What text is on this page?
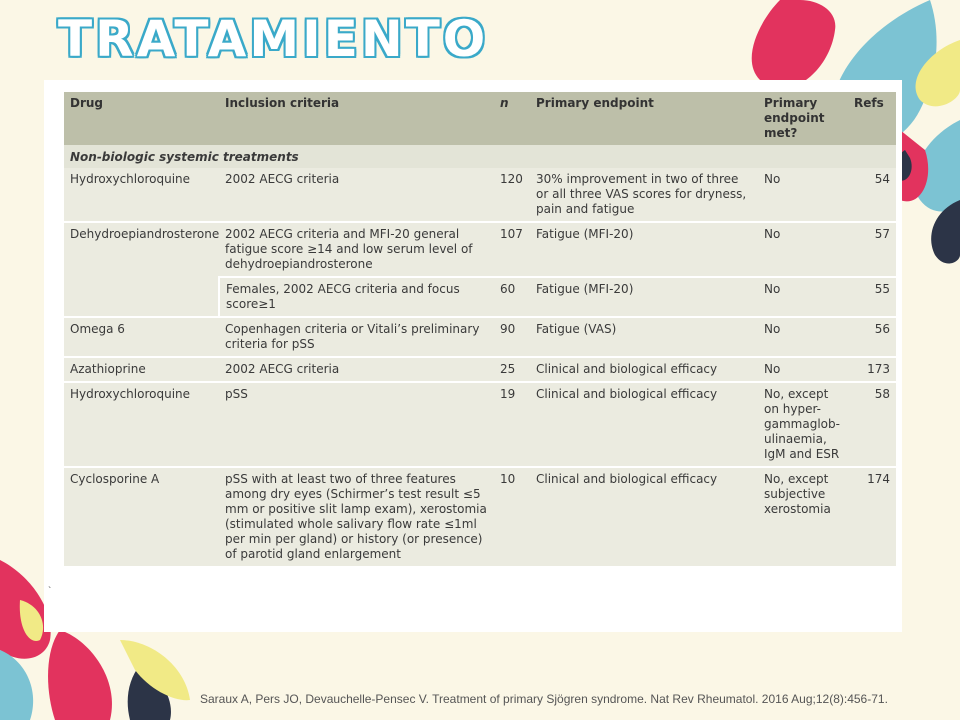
TRATAMIENTO
Drug	Inclusion criteria	n	Primary endpoint	Primary endpoint met?	Refs
Non-biologic systemic treatments					
Hydroxychloroquine	2002 AECG criteria	120	30% improvement in two of three or all three VAS scores for dryness, pain and fatigue	No	54
Dehydroepiandrosterone	2002 AECG criteria and MFI-20 general fatigue score ≥14 and low serum level of dehydroepiandrosterone	107	Fatigue (MFI-20)	No	57
	Females, 2002 AECG criteria and focus score≥1	60	Fatigue (MFI-20)	No	55
Omega 6	Copenhagen criteria or Vitali’s preliminary criteria for pSS	90	Fatigue (VAS)	No	56
Azathioprine	2002 AECG criteria	25	Clinical and biological efficacy	No	173
Hydroxychloroquine	pSS	19	Clinical and biological efficacy	No, except on hyper-gammaglob-ulinaemia, IgM and ESR	58
Cyclosporine A	pSS with at least two of three features among dry eyes (Schirmer’s test result ≤5 mm or positive slit lamp exam), xerostomia (stimulated whole salivary flow rate ≤1ml per min per gland) or history (or presence) of parotid gland enlargement	10	Clinical and biological efficacy	No, except subjective xerostomia	174
`

Saraux A, Pers JO, Devauchelle-Pensec V. Treatment of primary Sjögren syndrome. Nat Rev Rheumatol. 2016 Aug;12(8):456-71.
